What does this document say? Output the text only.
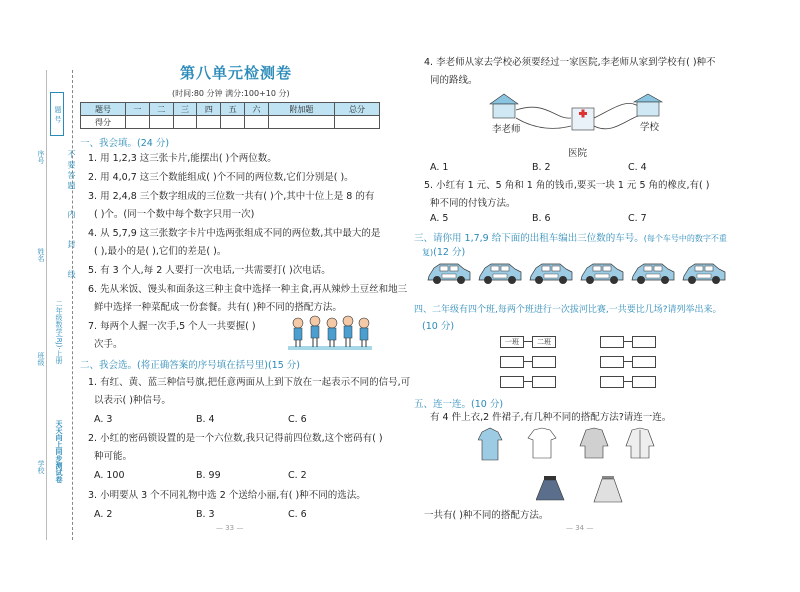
题 号
序号	不 要 答 题
内
封
线
姓名
二年级数学(RJ)·上册
班级
天天向上同步测试卷
学校
第八单元检测卷
(时间:80 分钟 满分:100+10 分)
题号	一	二	三	四	五	六	附加题	总分
得分								
一、我会填。(24 分)
1. 用 1,2,3 这三张卡片,能摆出( )个两位数。
2. 用 4,0,7 这三个数能组成( )个不同的两位数,它们分别是( )。
3. 用 2,4,8 三个数字组成的三位数一共有( )个,其中十位上是 8 的有
( )个。(同一个数中每个数字只用一次)
4. 从 5,7,9 这三张数字卡片中选两张组成不同的两位数,其中最大的是
( ),最小的是( ),它们的差是( )。
5. 有 3 个人,每 2 人要打一次电话,一共需要打( )次电话。
6. 先从米饭、馒头和面条这三种主食中选择一种主食,再从辣炒土豆丝和地三
鲜中选择一种菜配成一份套餐。共有( )种不同的搭配方法。
7. 每两个人握一次手,5 个人一共要握( )
次手。
二、我会选。(将正确答案的序号填在括号里)(15 分)
1. 有红、黄、蓝三种信号旗,把任意两面从上到下放在一起表示不同的信号,可
以表示( )种信号。
A. 3	B. 4	C. 6
2. 小红的密码锁设置的是一个六位数,我只记得前四位数,这个密码有( )
种可能。
A. 100	B. 99	C. 2
3. 小明要从 3 个不同礼物中选 2 个送给小丽,有( )种不同的选法。
A. 2	B. 3	C. 6
— 33 —
4. 李老师从家去学校必须要经过一家医院,李老师从家到学校有( )种不
同的路线。
李老师
医院
学校
A. 1	B. 2	C. 4
5. 小红有 1 元、5 角和 1 角的钱币,要买一块 1 元 5 角的橡皮,有( )
种不同的付钱方法。
A. 5	B. 6	C. 7
三、请你用 1,7,9 给下面的出租车编出三位数的车号。(每个车号中的数字不重
复)(12 分)
四、二年级有四个班,每两个班进行一次拔河比赛,一共要比几场?请列举出来。
(10 分)
一班	二班
五、连一连。(10 分)
有 4 件上衣,2 件裙子,有几种不同的搭配方法?请连一连。
一共有( )种不同的搭配方法。
— 34 —
